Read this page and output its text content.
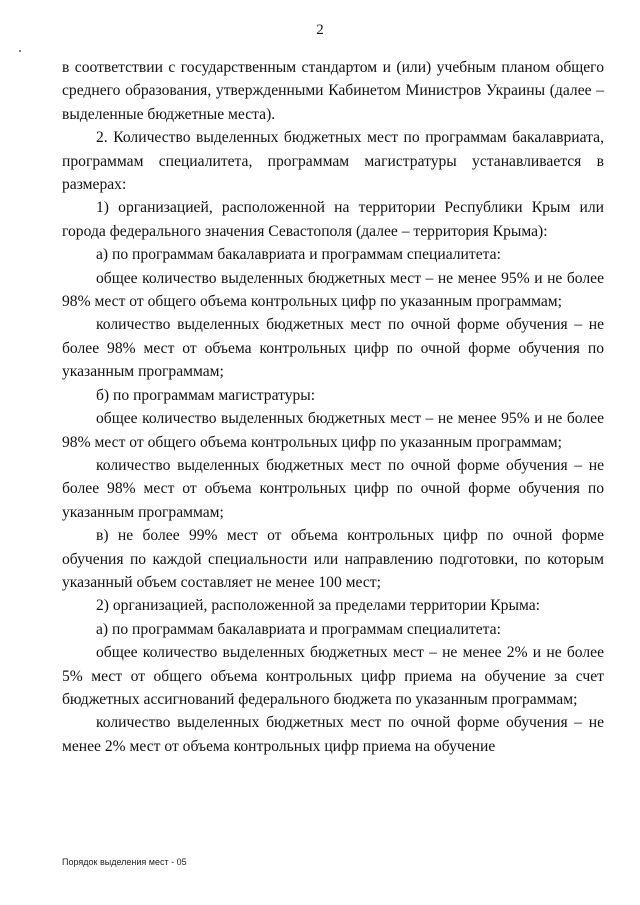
2

в соответствии с государственным стандартом и (или) учебным планом общего среднего образования, утвержденными Кабинетом Министров Украины (далее – выделенные бюджетные места).

2. Количество выделенных бюджетных мест по программам бакалавриата, программам специалитета, программам магистратуры устанавливается в размерах:

1) организацией, расположенной на территории Республики Крым или города федерального значения Севастополя (далее – территория Крыма):

а) по программам бакалавриата и программам специалитета:

общее количество выделенных бюджетных мест – не менее 95% и не более 98% мест от общего объема контрольных цифр по указанным программам;

количество выделенных бюджетных мест по очной форме обучения – не более 98% мест от объема контрольных цифр по очной форме обучения по указанным программам;

б) по программам магистратуры:

общее количество выделенных бюджетных мест – не менее 95% и не более 98% мест от общего объема контрольных цифр по указанным программам;

количество выделенных бюджетных мест по очной форме обучения – не более 98% мест от объема контрольных цифр по очной форме обучения по указанным программам;

в) не более 99% мест от объема контрольных цифр по очной форме обучения по каждой специальности или направлению подготовки, по которым указанный объем составляет не менее 100 мест;

2) организацией, расположенной за пределами территории Крыма:

а) по программам бакалавриата и программам специалитета:

общее количество выделенных бюджетных мест – не менее 2% и не более 5% мест от общего объема контрольных цифр приема на обучение за счет бюджетных ассигнований федерального бюджета по указанным программам;

количество выделенных бюджетных мест по очной форме обучения – не менее 2% мест от объема контрольных цифр приема на обучение

Порядок выделения мест - 05
